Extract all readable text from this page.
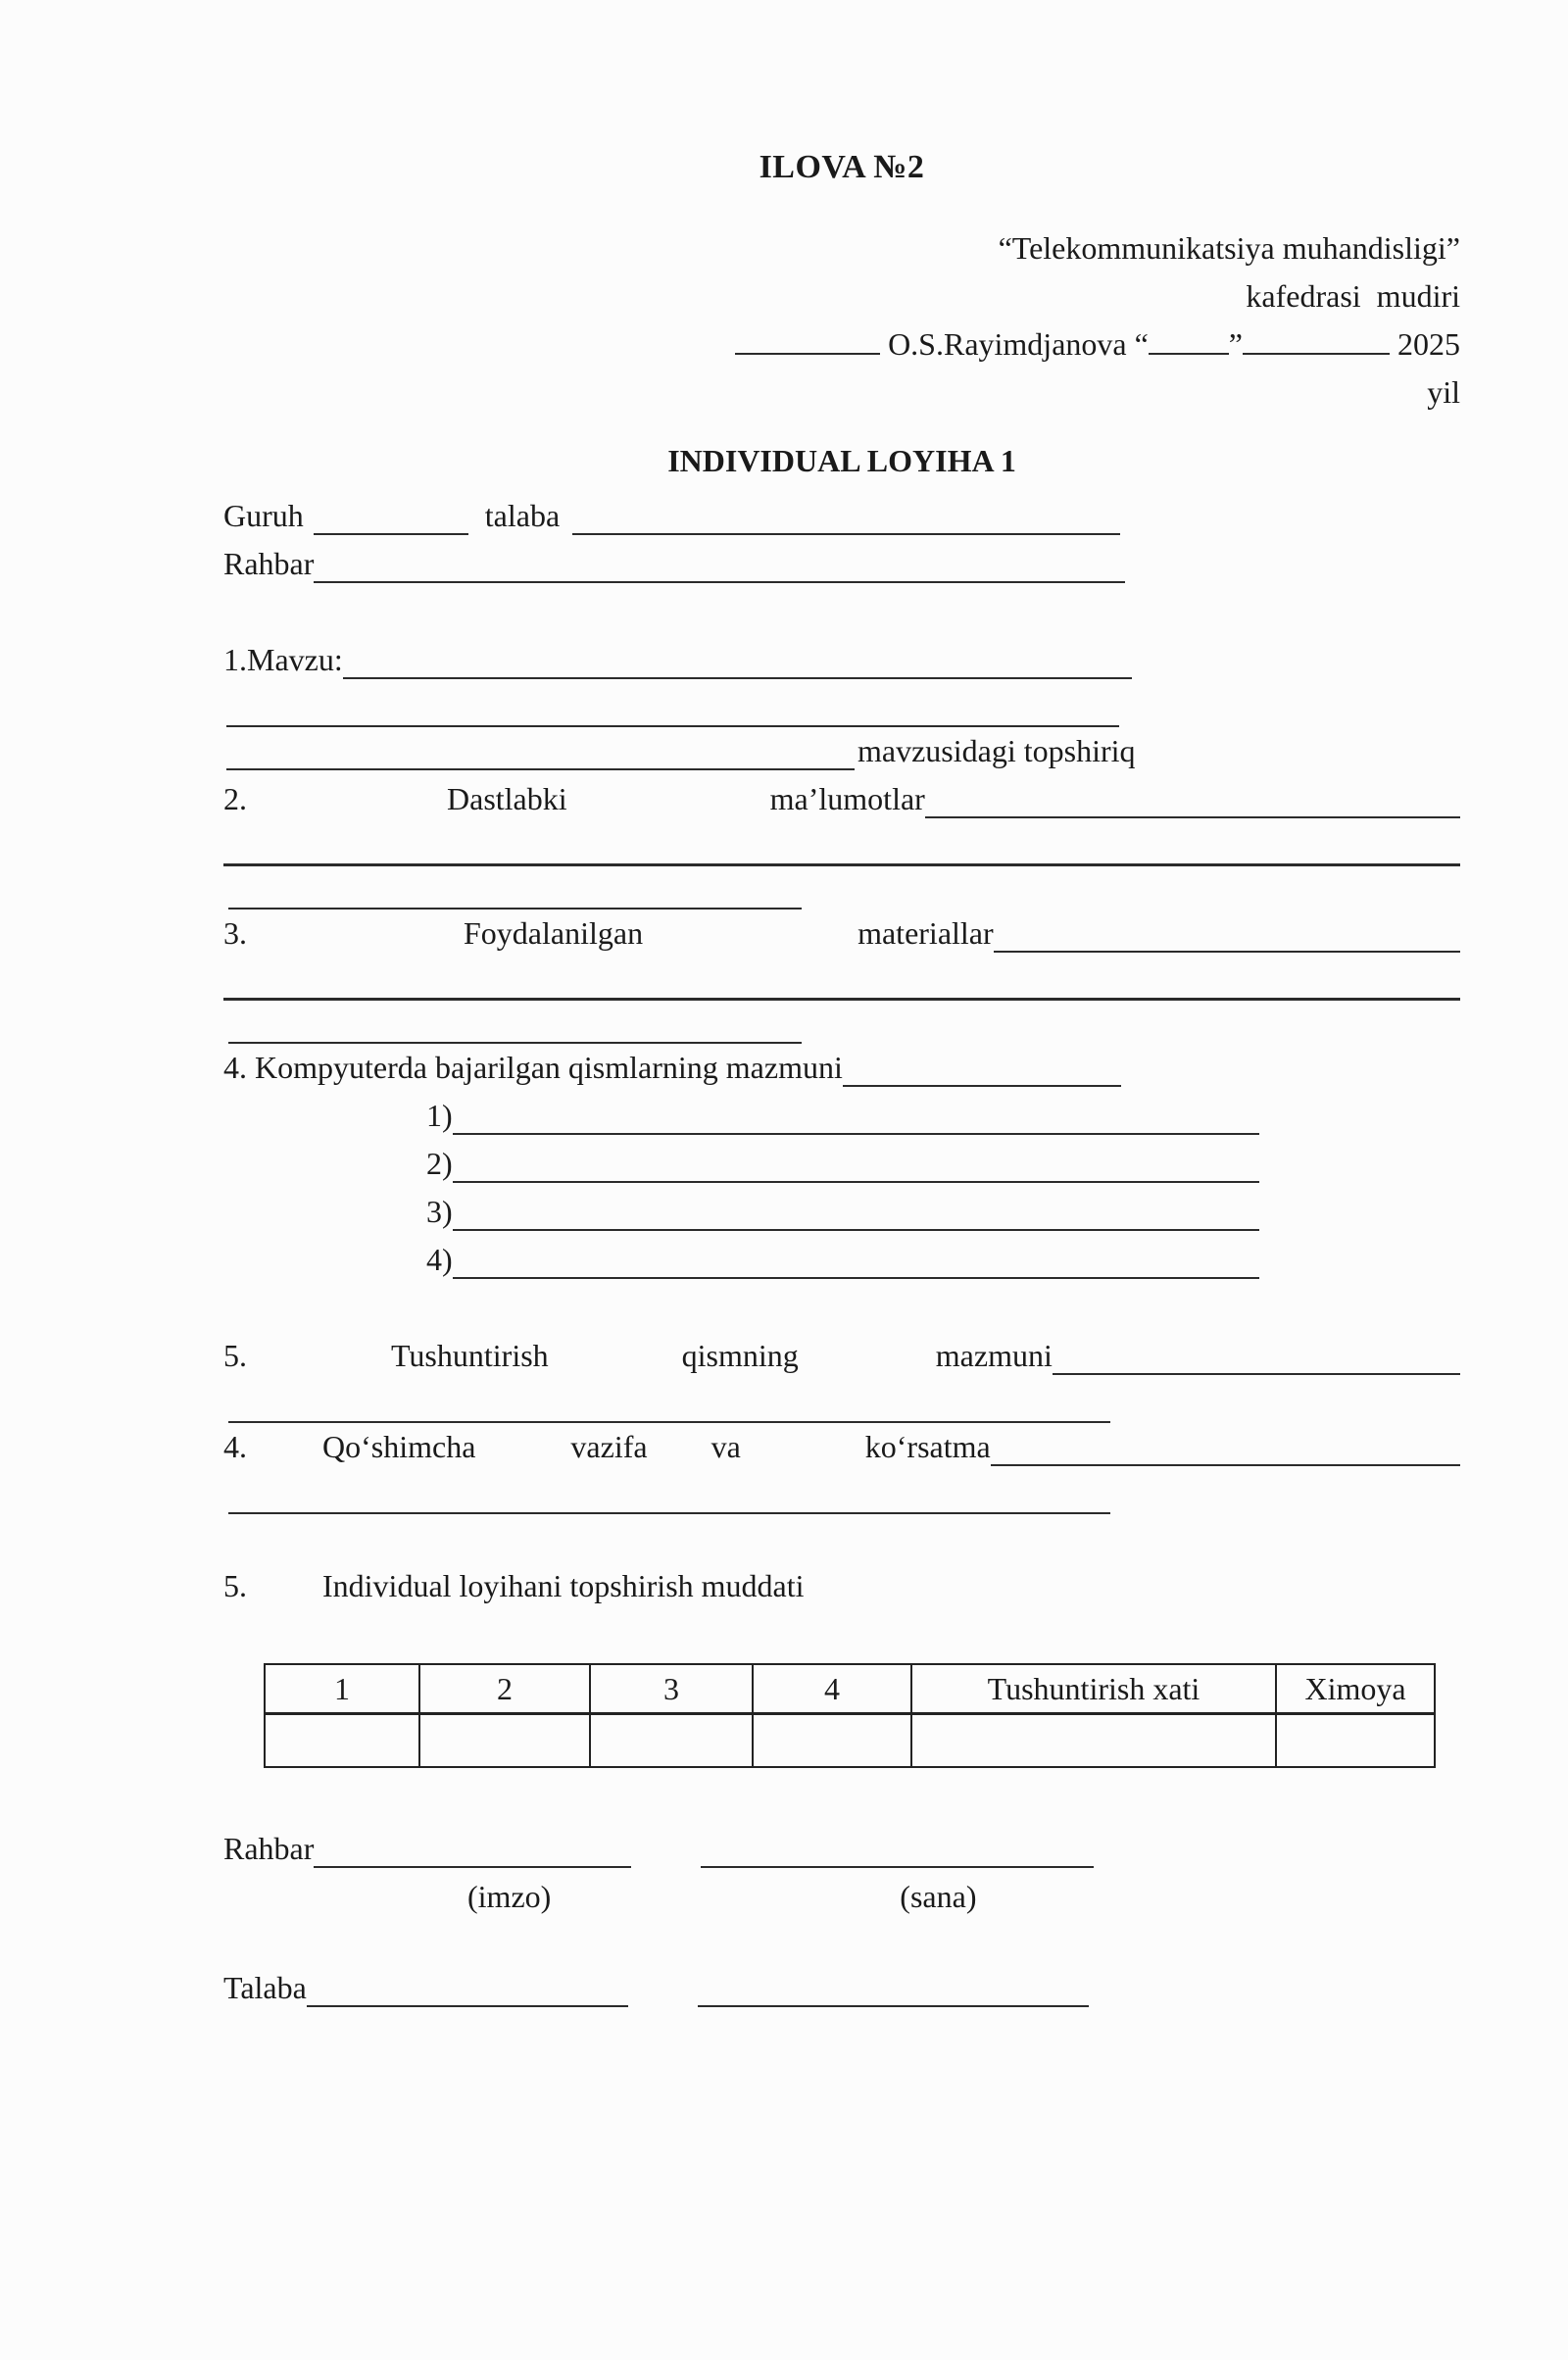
ILOVA №2
“Telekommunikatsiya muhandisligi”
kafedrasi  mudiri
O.S.Rayimdjanova “	”	2025
yil
INDIVIDUAL LOYIHA 1
Guruh	talaba
Rahbar
1.Mavzu:
mavzusidagi topshiriq
2.	Dastlabki	ma’lumotlar
3.	Foydalanilgan	materiallar
4. Kompyuterda bajarilgan qismlarning mazmuni
1)
2)
3)
4)
5.	Tushuntirish	qismning	mazmuni
4. Qo‘shimcha	vazifa va	ko‘rsatma
5. Individual loyihani topshirish muddati
1	2	3	4	Tushuntirish xati	Ximoya

Rahbar
(imzo)	(sana)
Talaba
